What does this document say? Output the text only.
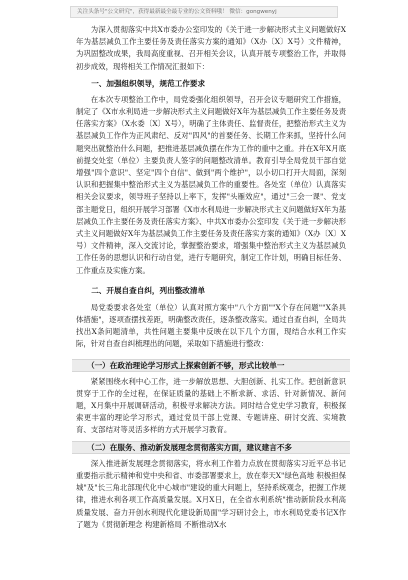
关注头条号"公文研究"，获得最新最全最专业的公文资料哦！ 微信：gongwenyj

为深入贯彻落实中共X市委办公室印发的《关于进一步解决形式主义问题做好X年为基层减负工作主要任务及责任落实方案的通知》（X办〔X〕X号）文件精神，为巩固整改成果，我局高度重视、召开相关会议，认真开展专项整治工作，并取得初步成效，现将相关工作情况汇报如下：

一、加强组织领导，规范工作要求

在本次专项整治工作中，局党委强化组织领导，召开会议专题研究工作措施，制定了《X市水利局进一步解决形式主义问题做好X年为基层减负工作主要任务及责任落实方案》（X水委〔X〕X号），明确了主体责任、监督责任，把整治形式主义为基层减负工作作为正风肃纪、反对"四风"的首要任务、长期工作来抓，坚持什么问题突出就整治什么问题，把推进基层减负摆在作为工作的重中之重。并在X年X月底前提交处室（单位）主要负责人签字的问题整改清单。教育引导全局党员干部自觉增强"四个意识"、坚定"四个自信"、做到"两个维护"，以小切口打开大局面，深刻认识和把握集中整治形式主义为基层减负工作的重要性。各处室（单位）认真落实相关会议要求，领导班子坚持以上率下，发挥"头雁效应"，通过"三会一课"、党支部主题党日，组织开展学习部署《X市水利局进一步解决形式主义问题做好X年为基层减负工作主要任务及责任落实方案》、中共X市委办公室印发《关于进一步解决形式主义问题做好X年为基层减负工作主要任务及责任落实方案的通知》（X办〔X〕X号）文件精神，深入交流讨论，掌握整治要求，增强集中整治形式主义为基层减负工作任务的思想认识和行动自觉，进行专题研究，制定工作计划，明确目标任务、工作重点及实施方案。

二、开展自查自纠，列出整改清单

局党委要求各处室（单位）认真对照方案中"八个方面""X个存在问题""X条具体措施"，逐项查摆找差距，明确整改责任，逐条整改落实。通过自查自纠，全局共找出X条问题清单，共性问题主要集中反映在以下几个方面，现结合水利工作实际，针对自查自纠梳理出的问题，采取如下措施进行整改：

（一）在政治理论学习形式上探索创新不够，形式比较单一

紧紧围绕水利中心工作，进一步解放思想、大胆创新、扎实工作。把创新意识贯穿于工作的全过程，在保证质量的基础上不断求新、求活、针对新情况、新问题，X月集中开展调研活动，积极寻求解决方法。同时结合党史学习教育，积极探索更丰富的理论学习形式，通过党员干部上党课、专题讲座、研讨交流、实境教育、支部结对等灵活多样的方式开展学习教育。

（二）在服务、推动新发展理念贯彻落实方面，建议建言不多

深入推进新发展理念贯彻落实，将水利工作着力点放在贯彻落实习近平总书记重要指示批示精神和党中央和省、市委部署要求上，放在奉天X"绿色高地 积极担保城"及"长三角北部现代化中心城市"建设的重大问题上，坚持系统观念，把握工作规律，推进水利各项工作高质量发展。X月X日，在全省水利系统"推动新阶段水利高质量发展、奋力开创水利现代化建设新局面"学习研讨会上，市水利局党委书记X作了题为《贯彻新理念 构建新格局 不断推动X水
